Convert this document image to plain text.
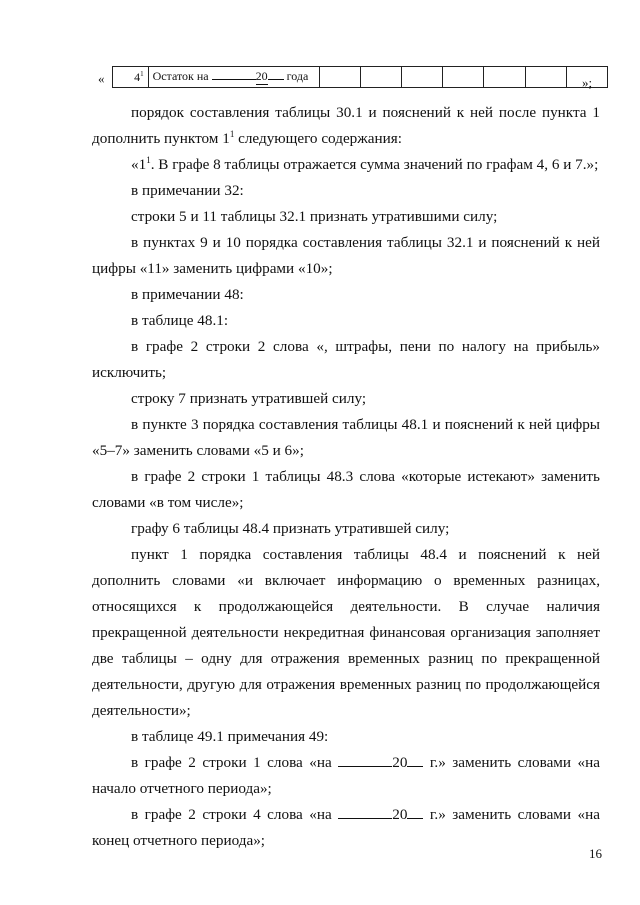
« $4^1$	Остаток на	20 года								»;

порядок составления таблицы 30.1 и пояснений к ней после пункта 1 дополнить пунктом $1^1$ следующего содержания:

«$1^1$. В графе 8 таблицы отражается сумма значений по графам 4, 6 и 7.»;

в примечании 32:

строки 5 и 11 таблицы 32.1 признать утратившими силу;

в пунктах 9 и 10 порядка составления таблицы 32.1 и пояснений к ней цифры «11» заменить цифрами «10»;

в примечании 48:

в таблице 48.1:

в графе 2 строки 2 слова «, штрафы, пени по налогу на прибыль» исключить;

строку 7 признать утратившей силу;

в пункте 3 порядка составления таблицы 48.1 и пояснений к ней цифры «5–7» заменить словами «5 и 6»;

в графе 2 строки 1 таблицы 48.3 слова «которые истекают» заменить словами «в том числе»;

графу 6 таблицы 48.4 признать утратившей силу;

пункт 1 порядка составления таблицы 48.4 и пояснений к ней дополнить словами «и включает информацию о временных разницах, относящихся к продолжающейся деятельности. В случае наличия прекращенной деятельности некредитная финансовая организация заполняет две таблицы – одну для отражения временных разниц по прекращенной деятельности, другую для отражения временных разниц по продолжающейся деятельности»;

в таблице 49.1 примечания 49:

в графе 2 строки 1 слова «на	20 г.» заменить словами «на начало отчетного периода»;

в графе 2 строки 4 слова «на	20 г.» заменить словами «на конец отчетного периода»;

16
